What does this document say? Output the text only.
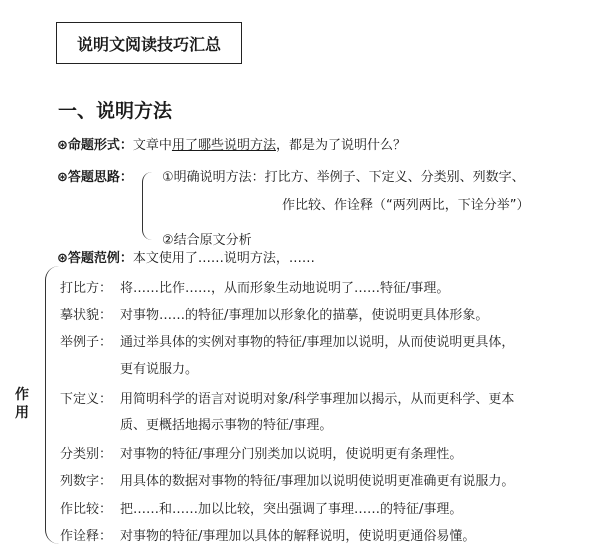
说明文阅读技巧汇总
一、说明方法
⊛命题形式：文章中用了哪些说明方法，都是为了说明什么？
⊛答题思路： ①明确说明方法：打比方、举例子、下定义、分类别、列数字、
作比较、作诠释（“两列两比，下诠分举”）
②结合原文分析
⊛答题范例：本文使用了……说明方法，……
作用
打比方： 将……比作……，从而形象生动地说明了……特征/事理。
摹状貌： 对事物……的特征/事理加以形象化的描摹，使说明更具体形象。
举例子： 通过举具体的实例对事物的特征/事理加以说明，从而使说明更具体，
更有说服力。
下定义： 用简明科学的语言对说明对象/科学事理加以揭示，从而更科学、更本
质、更概括地揭示事物的特征/事理。
分类别： 对事物的特征/事理分门别类加以说明，使说明更有条理性。
列数字： 用具体的数据对事物的特征/事理加以说明使说明更准确更有说服力。
作比较： 把……和……加以比较，突出强调了事理……的特征/事理。
作诠释： 对事物的特征/事理加以具体的解释说明，使说明更通俗易懂。
